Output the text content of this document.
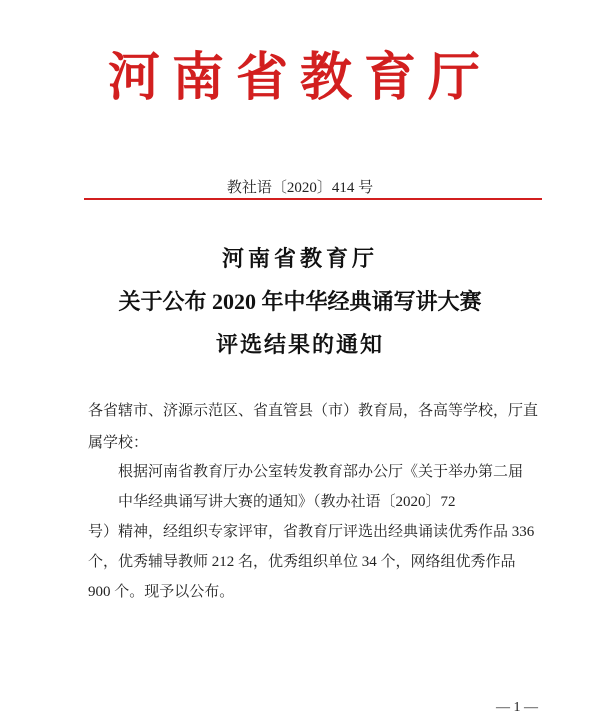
河南省教育厅
教社语〔2020〕414 号
河南省教育厅
关于公布 2020 年中华经典诵写讲大赛
评选结果的通知
各省辖市、济源示范区、省直管县（市）教育局，各高等学校，厅直
属学校：
根据河南省教育厅办公室转发教育部办公厅《关于举办第二届
中华经典诵写讲大赛的通知》（教办社语〔2020〕72
号）精神，经组织专家评审，省教育厅评选出经典诵读优秀作品 336
个，优秀辅导教师 212 名，优秀组织单位 34 个，网络组优秀作品
900 个。现予以公布。
— 1 —
